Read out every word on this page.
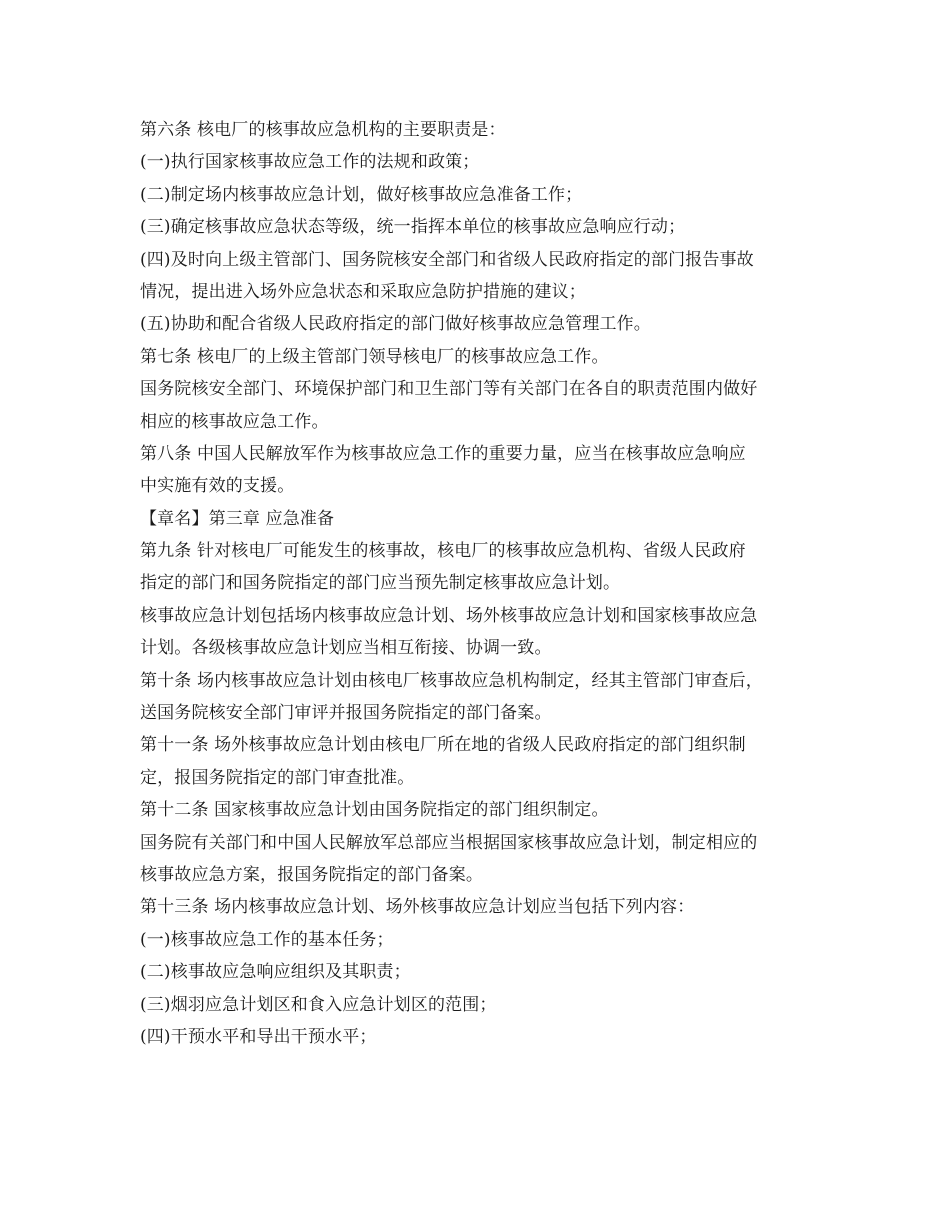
第六条 核电厂的核事故应急机构的主要职责是：
(一)执行国家核事故应急工作的法规和政策；
(二)制定场内核事故应急计划，做好核事故应急准备工作；
(三)确定核事故应急状态等级，统一指挥本单位的核事故应急响应行动；
(四)及时向上级主管部门、国务院核安全部门和省级人民政府指定的部门报告事故
情况，提出进入场外应急状态和采取应急防护措施的建议；
(五)协助和配合省级人民政府指定的部门做好核事故应急管理工作。
第七条 核电厂的上级主管部门领导核电厂的核事故应急工作。
国务院核安全部门、环境保护部门和卫生部门等有关部门在各自的职责范围内做好
相应的核事故应急工作。
第八条 中国人民解放军作为核事故应急工作的重要力量，应当在核事故应急响应
中实施有效的支援。
【章名】第三章 应急准备
第九条 针对核电厂可能发生的核事故，核电厂的核事故应急机构、省级人民政府
指定的部门和国务院指定的部门应当预先制定核事故应急计划。
核事故应急计划包括场内核事故应急计划、场外核事故应急计划和国家核事故应急
计划。各级核事故应急计划应当相互衔接、协调一致。
第十条 场内核事故应急计划由核电厂核事故应急机构制定，经其主管部门审查后，
送国务院核安全部门审评并报国务院指定的部门备案。
第十一条 场外核事故应急计划由核电厂所在地的省级人民政府指定的部门组织制
定，报国务院指定的部门审查批准。
第十二条 国家核事故应急计划由国务院指定的部门组织制定。
国务院有关部门和中国人民解放军总部应当根据国家核事故应急计划，制定相应的
核事故应急方案，报国务院指定的部门备案。
第十三条 场内核事故应急计划、场外核事故应急计划应当包括下列内容：
(一)核事故应急工作的基本任务；
(二)核事故应急响应组织及其职责；
(三)烟羽应急计划区和食入应急计划区的范围；
(四)干预水平和导出干预水平；
